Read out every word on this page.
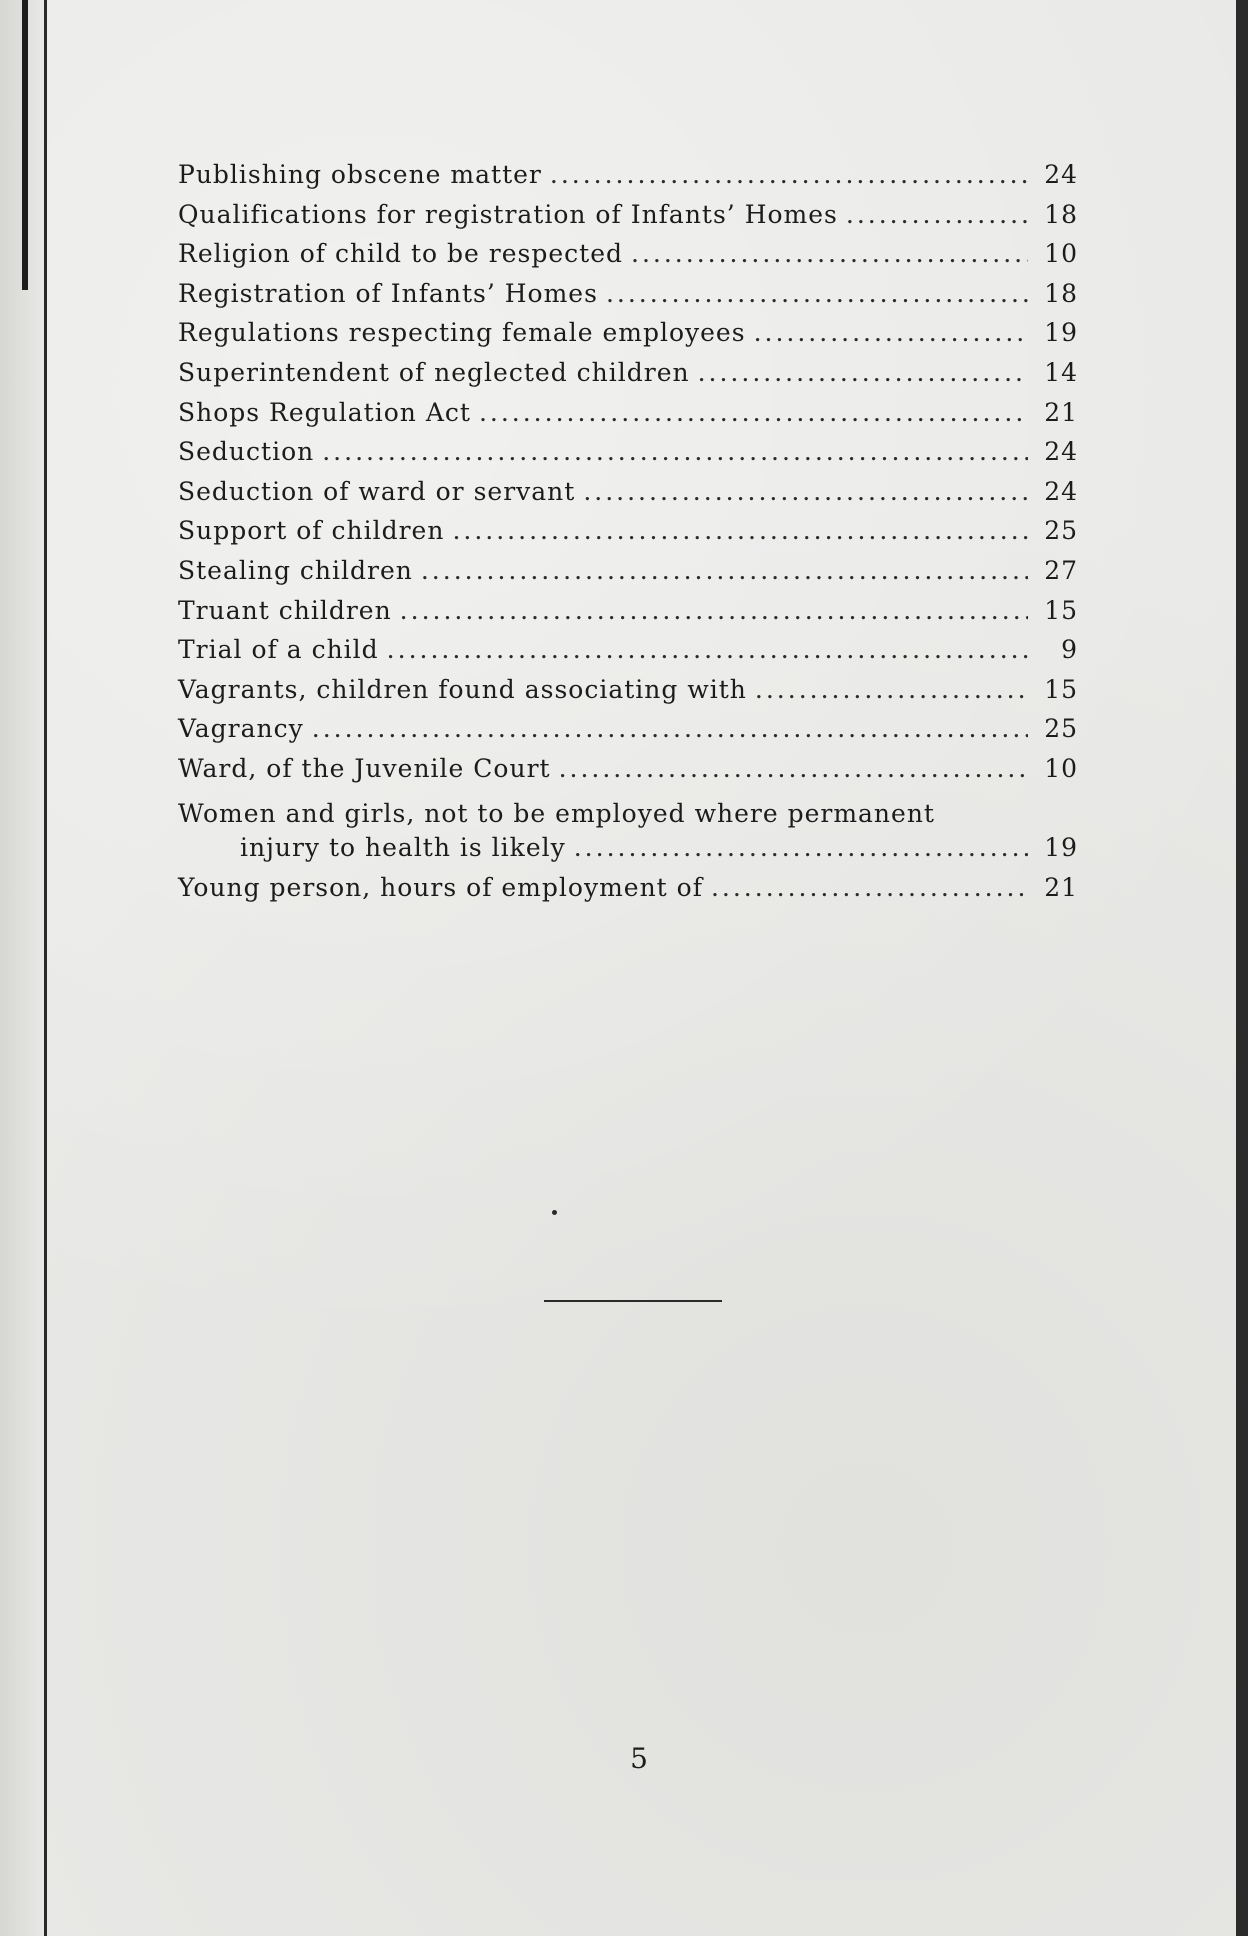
Publishing obscene matter .....	24
Qualifications for registration of Infants’ Homes .....	18
Religion of child to be respected .....	10
Registration of Infants’ Homes .....	18
Regulations respecting female employees .....	19
Superintendent of neglected children .....	14
Shops Regulation Act .....	21
Seduction .....	24
Seduction of ward or servant .....	24
Support of children .....	25
Stealing children .....	27
Truant children .....	15
Trial of a child .....	9
Vagrants, children found associating with .....	15
Vagrancy .....	25
Ward, of the Juvenile Court .....	10
Women and girls, not to be employed where permanent
injury to health is likely .....	19
Young person, hours of employment of .....	21
5
